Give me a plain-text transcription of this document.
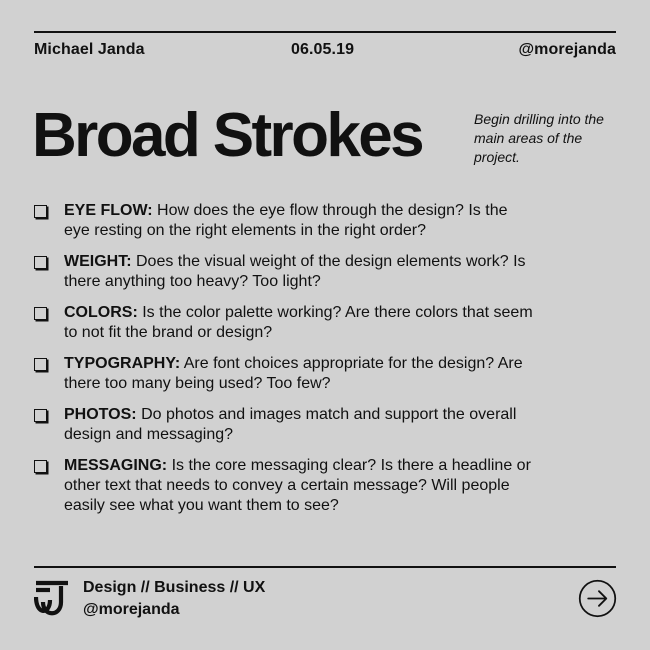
Michael Janda	06.05.19	@morejanda
Broad Strokes	Begin drilling into the main areas of the project.

EYE FLOW: How does the eye flow through the design? Is the eye resting on the right elements in the right order?
WEIGHT: Does the visual weight of the design elements work? Is there anything too heavy? Too light?
COLORS: Is the color palette working? Are there colors that seem to not fit the brand or design?
TYPOGRAPHY: Are font choices appropriate for the design? Are there too many being used? Too few?
PHOTOS: Do photos and images match and support the overall design and messaging?
MESSAGING: Is the core messaging clear? Is there a headline or other text that needs to convey a certain message? Will people easily see what you want them to see?
Design // Business // UX
@morejanda
